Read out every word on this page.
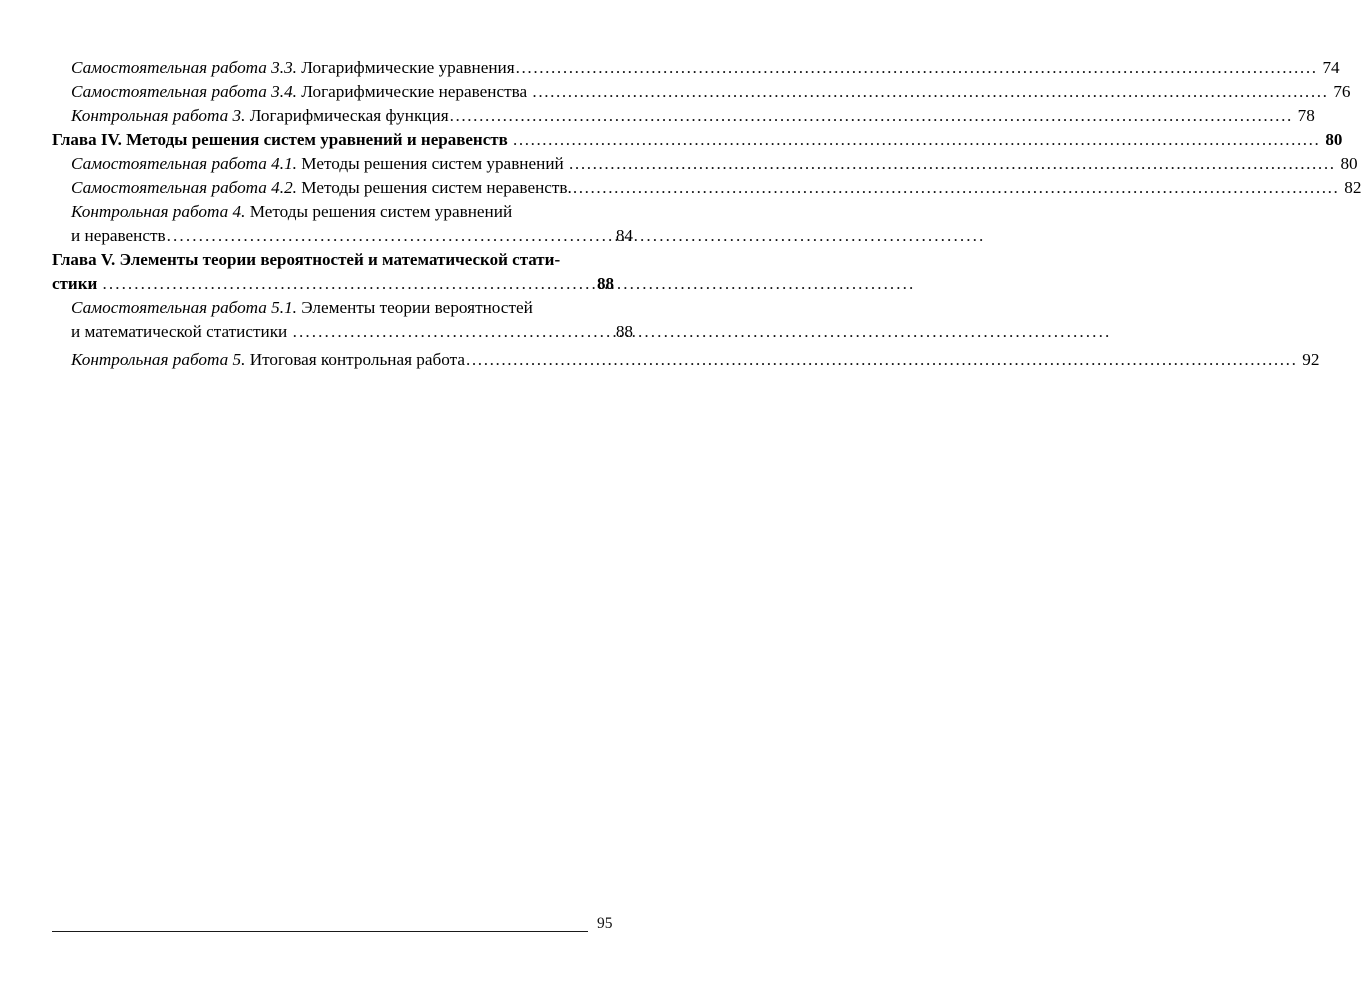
Самостоятельная работа 3.3. Логарифмические уравнения	..... ........ 74
Самостоятельная работа 3.4. Логарифмические неравенства	..... ....... 76
Контрольная работа 3. Логарифмическая функция	..... ............... 78
Глава IV. Методы решения систем уравнений и неравенств	..... .......... 80
Самостоятельная работа 4.1. Методы решения систем уравнений	..... .. 80
Самостоятельная работа 4.2. Методы решения систем неравенств.	..... .. 82
Контрольная работа 4. Методы решения систем уравнений
и неравенств .....	84
Глава V. Элементы теории вероятностей и математической стати-
стики .....	88
Самостоятельная работа 5.1. Элементы теории вероятностей
и математической статистики .....	88
Контрольная работа 5. Итоговая контрольная работа	..... ............. 92
95
